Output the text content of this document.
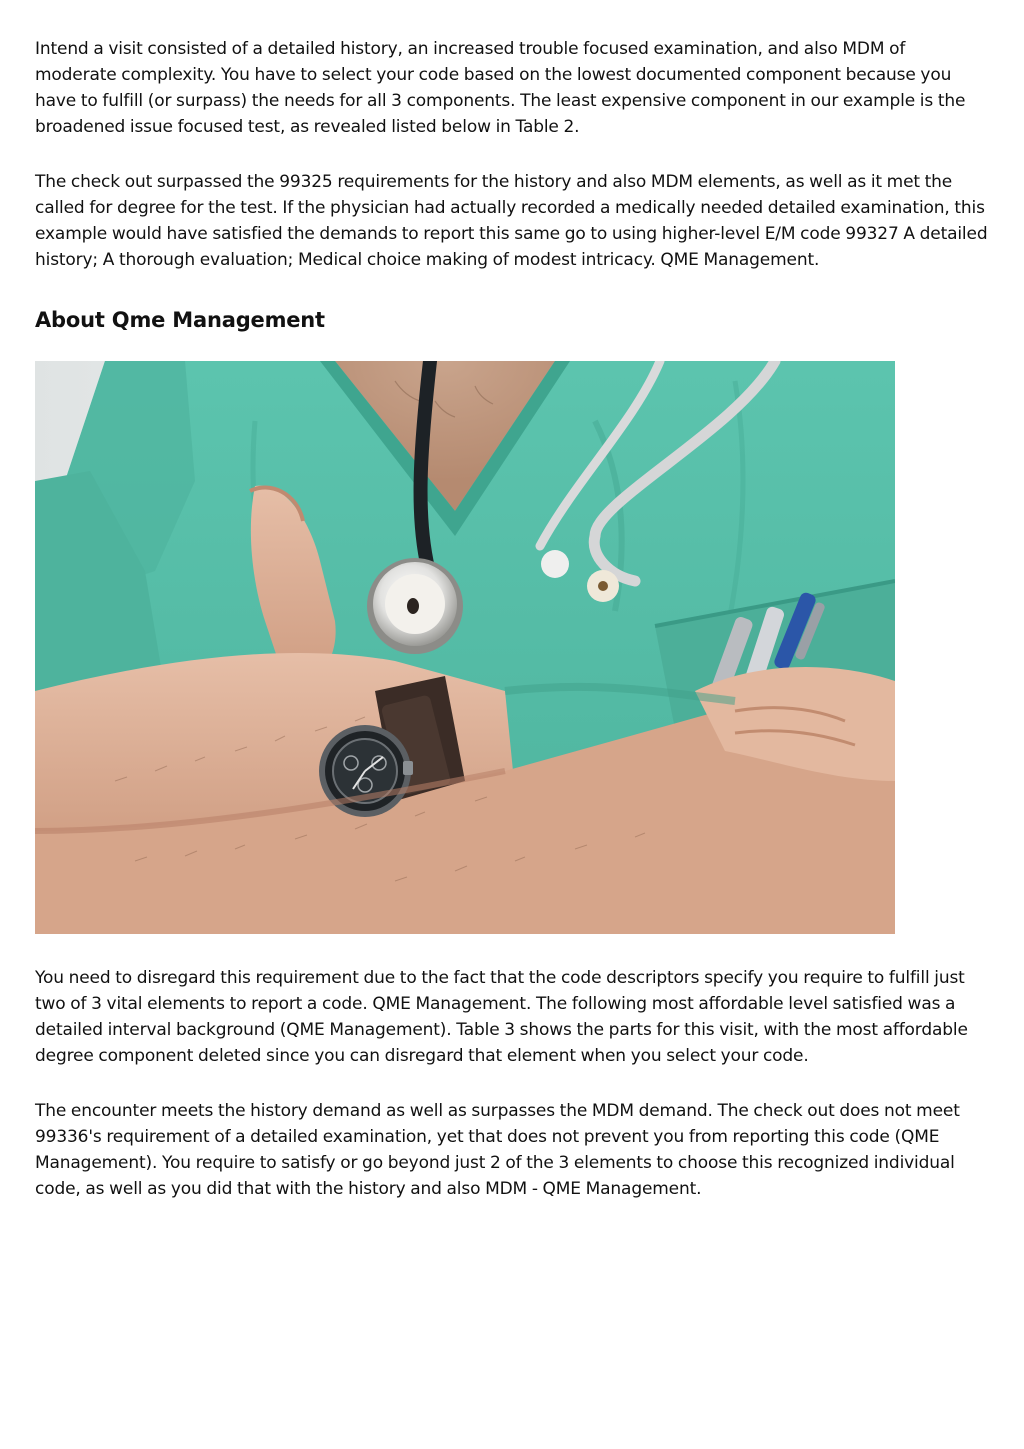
Intend a visit consisted of a detailed history, an increased trouble focused examination, and also MDM of moderate complexity. You have to select your code based on the lowest documented component because you have to fulfill (or surpass) the needs for all 3 components. The least expensive component in our example is the broadened issue focused test, as revealed listed below in Table 2.

The check out surpassed the 99325 requirements for the history and also MDM elements, as well as it met the called for degree for the test. If the physician had actually recorded a medically needed detailed examination, this example would have satisfied the demands to report this same go to using higher-level E/M code 99327 A detailed history; A thorough evaluation; Medical choice making of modest intricacy. QME Management.

About Qme Management

You need to disregard this requirement due to the fact that the code descriptors specify you require to fulfill just two of 3 vital elements to report a code. QME Management. The following most affordable level satisfied was a detailed interval background (QME Management). Table 3 shows the parts for this visit, with the most affordable degree component deleted since you can disregard that element when you select your code.

The encounter meets the history demand as well as surpasses the MDM demand. The check out does not meet 99336's requirement of a detailed examination, yet that does not prevent you from reporting this code (QME Management). You require to satisfy or go beyond just 2 of the 3 elements to choose this recognized individual code, as well as you did that with the history and also MDM - QME Management.
